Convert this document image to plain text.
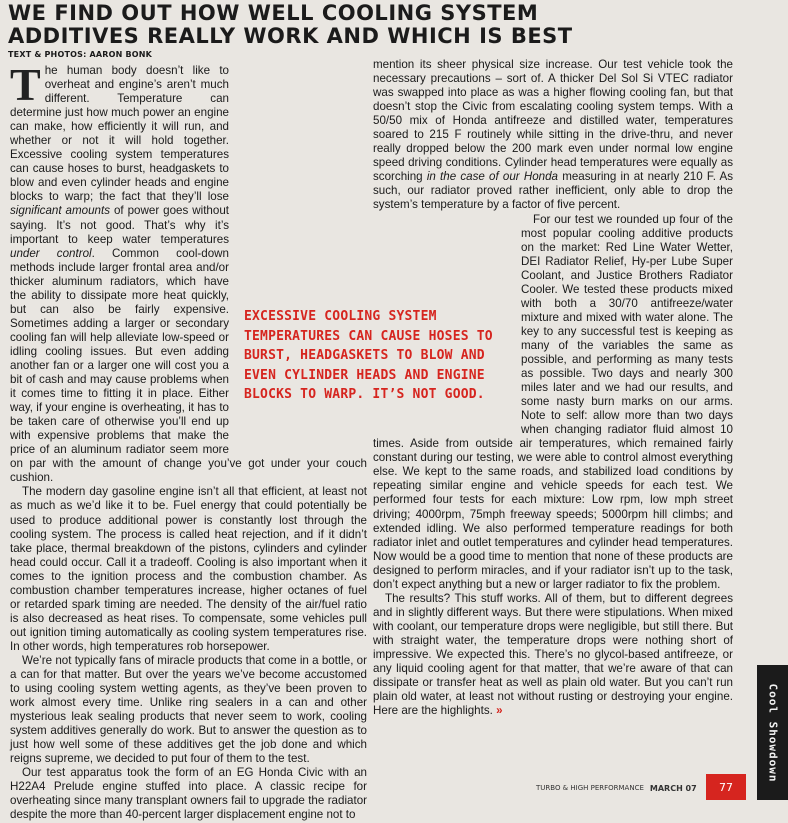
WE FIND OUT HOW WELL COOLING SYSTEM
ADDITIVES REALLY WORK AND WHICH IS BEST
TEXT & PHOTOS: AARON BONK

The human body doesn’t like to overheat and engine’s aren’t much different. Temperature can determine just how much power an engine can make, how efficiently it will run, and whether or not it will hold together. Excessive cooling system temperatures can cause hoses to burst, headgaskets to blow and even cylinder heads and engine blocks to warp; the fact that they’ll lose significant amounts of power goes without saying. It’s not good. That’s why it’s important to keep water temperatures under control. Common cool-down methods include larger frontal area and/or thicker aluminum radiators, which have the ability to dissipate more heat quickly, but can also be fairly expensive. Sometimes adding a larger or secondary cooling fan will help alleviate low-speed or idling cooling issues. But even adding another fan or a larger one will cost you a bit of cash and may cause problems when it comes time to fitting it in place. Either way, if your engine is overheating, it has to be taken care of otherwise you’ll end up with expensive problems that make the price of an aluminum radiator seem more on par with the amount of change you’ve got under your couch cushion.

The modern day gasoline engine isn’t all that efficient, at least not as much as we’d like it to be. Fuel energy that could potentially be used to produce additional power is constantly lost through the cooling system. The process is called heat rejection, and if it didn’t take place, thermal breakdown of the pistons, cylinders and cylinder head could occur. Call it a tradeoff. Cooling is also important when it comes to the ignition process and the combustion chamber. As combustion chamber temperatures increase, higher octanes of fuel or retarded spark timing are needed. The density of the air/fuel ratio is also decreased as heat rises. To compensate, some vehicles pull out ignition timing automatically as cooling system temperatures rise. In other words, high temperatures rob horsepower.

We’re not typically fans of miracle products that come in a bottle, or a can for that matter. But over the years we’ve become accustomed to using cooling system wetting agents, as they’ve been proven to work almost every time. Unlike ring sealers in a can and other mysterious leak sealing products that never seem to work, cooling system additives generally do work. But to answer the question as to just how well some of these additives get the job done and which reigns supreme, we decided to put four of them to the test.

Our test apparatus took the form of an EG Honda Civic with an H22A4 Prelude engine stuffed into place. A classic recipe for overheating since many transplant owners fail to upgrade the radiator despite the more than 40-percent larger displacement engine not to

mention its sheer physical size increase. Our test vehicle took the necessary precautions – sort of. A thicker Del Sol Si VTEC radiator was swapped into place as was a higher flowing cooling fan, but that doesn’t stop the Civic from escalating cooling system temps. With a 50/50 mix of Honda antifreeze and distilled water, temperatures soared to 215 F routinely while sitting in the drive-thru, and never really dropped below the 200 mark even under normal low engine speed driving conditions. Cylinder head temperatures were equally as scorching in the case of our Honda measuring in at nearly 210 F. As such, our radiator proved rather inefficient, only able to drop the system’s temperature by a factor of five percent.

For our test we rounded up four of the most popular cooling additive products on the market: Red Line Water Wetter, DEI Radiator Relief, Hy-per Lube Super Coolant, and Justice Brothers Radiator Cooler. We tested these products mixed with both a 30/70 antifreeze/water mixture and mixed with water alone. The key to any successful test is keeping as many of the variables the same as possible, and performing as many tests as possible. Two days and nearly 300 miles later and we had our results, and some nasty burn marks on our arms. Note to self: allow more than two days when changing radiator fluid almost 10 times. Aside from outside air temperatures, which remained fairly constant during our testing, we were able to control almost everything else. We kept to the same roads, and stabilized load conditions by repeating similar engine and vehicle speeds for each test. We performed four tests for each mixture: Low rpm, low mph street driving; 4000rpm, 75mph freeway speeds; 5000rpm hill climbs; and extended idling. We also performed temperature readings for both radiator inlet and outlet temperatures and cylinder head temperatures. Now would be a good time to mention that none of these products are designed to perform miracles, and if your radiator isn’t up to the task, don’t expect anything but a new or larger radiator to fix the problem.

The results? This stuff works. All of them, but to different degrees and in slightly different ways. But there were stipulations. When mixed with coolant, our temperature drops were negligible, but still there. But with straight water, the temperature drops were nothing short of impressive. We expected this. There’s no glycol-based antifreeze, or any liquid cooling agent for that matter, that we’re aware of that can dissipate or transfer heat as well as plain old water. But you can’t run plain old water, at least not without rusting or destroying your engine. Here are the highlights. »

EXCESSIVE COOLING SYSTEM TEMPERATURES CAN CAUSE HOSES TO BURST, HEADGASKETS TO BLOW AND EVEN CYLINDER HEADS AND ENGINE BLOCKS TO WARP. IT’S NOT GOOD.
Cool Showdown
TURBO & HIGH PERFORMANCE MARCH 07	77
